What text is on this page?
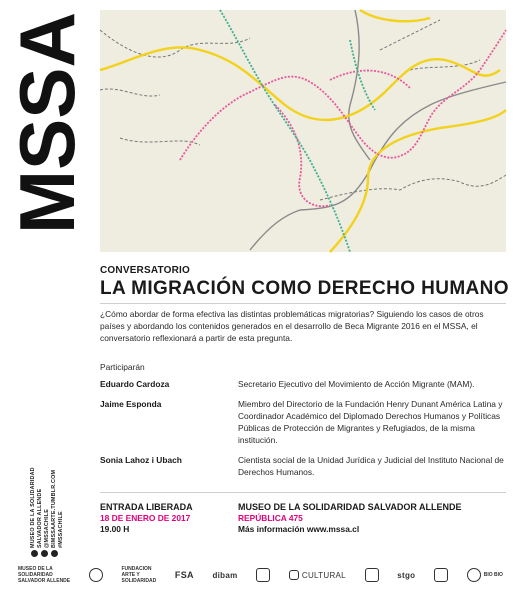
MSSA
MUSEO DE LA SOLIDARIDAD SALVADOR ALLENDE @MSSACHILE BIMSSAARTE.TUMBLR.COM #MSSACHILE
CONVERSATORIO
LA MIGRACIÓN COMO DERECHO HUMANO
¿Cómo abordar de forma efectiva las distintas problemáticas migratorias? Siguiendo los casos de otros países y abordando los contenidos generados en el desarrollo de Beca Migrante 2016 en el MSSA, el conversatorio reflexionará a partir de esta pregunta.
Participarán
Eduardo Cardoza	Secretario Ejecutivo del Movimiento de Acción Migrante (MAM).
Jaime Esponda	Miembro del Directorio de la Fundación Henry Dunant América Latina y Coordinador Académico del Diplomado Derechos Humanos y Políticas Públicas de Protección de Migrantes y Refugiados, de la misma institución.
Sonia Lahoz i Ubach	Cientista social de la Unidad Jurídica y Judicial del Instituto Nacional de Derechos Humanos.
ENTRADA LIBERADA
18 DE ENERO DE 2017
19.00 H
MUSEO DE LA SOLIDARIDAD SALVADOR ALLENDE
REPÚBLICA 475
Más información www.mssa.cl
MUSEO DE LA
SOLIDARIDAD
SALVADOR ALLENDE
FUNDACION
ARTE Y
SOLIDARIDAD
FSA dibam	CULTURAL	stgo	BIO BIO
